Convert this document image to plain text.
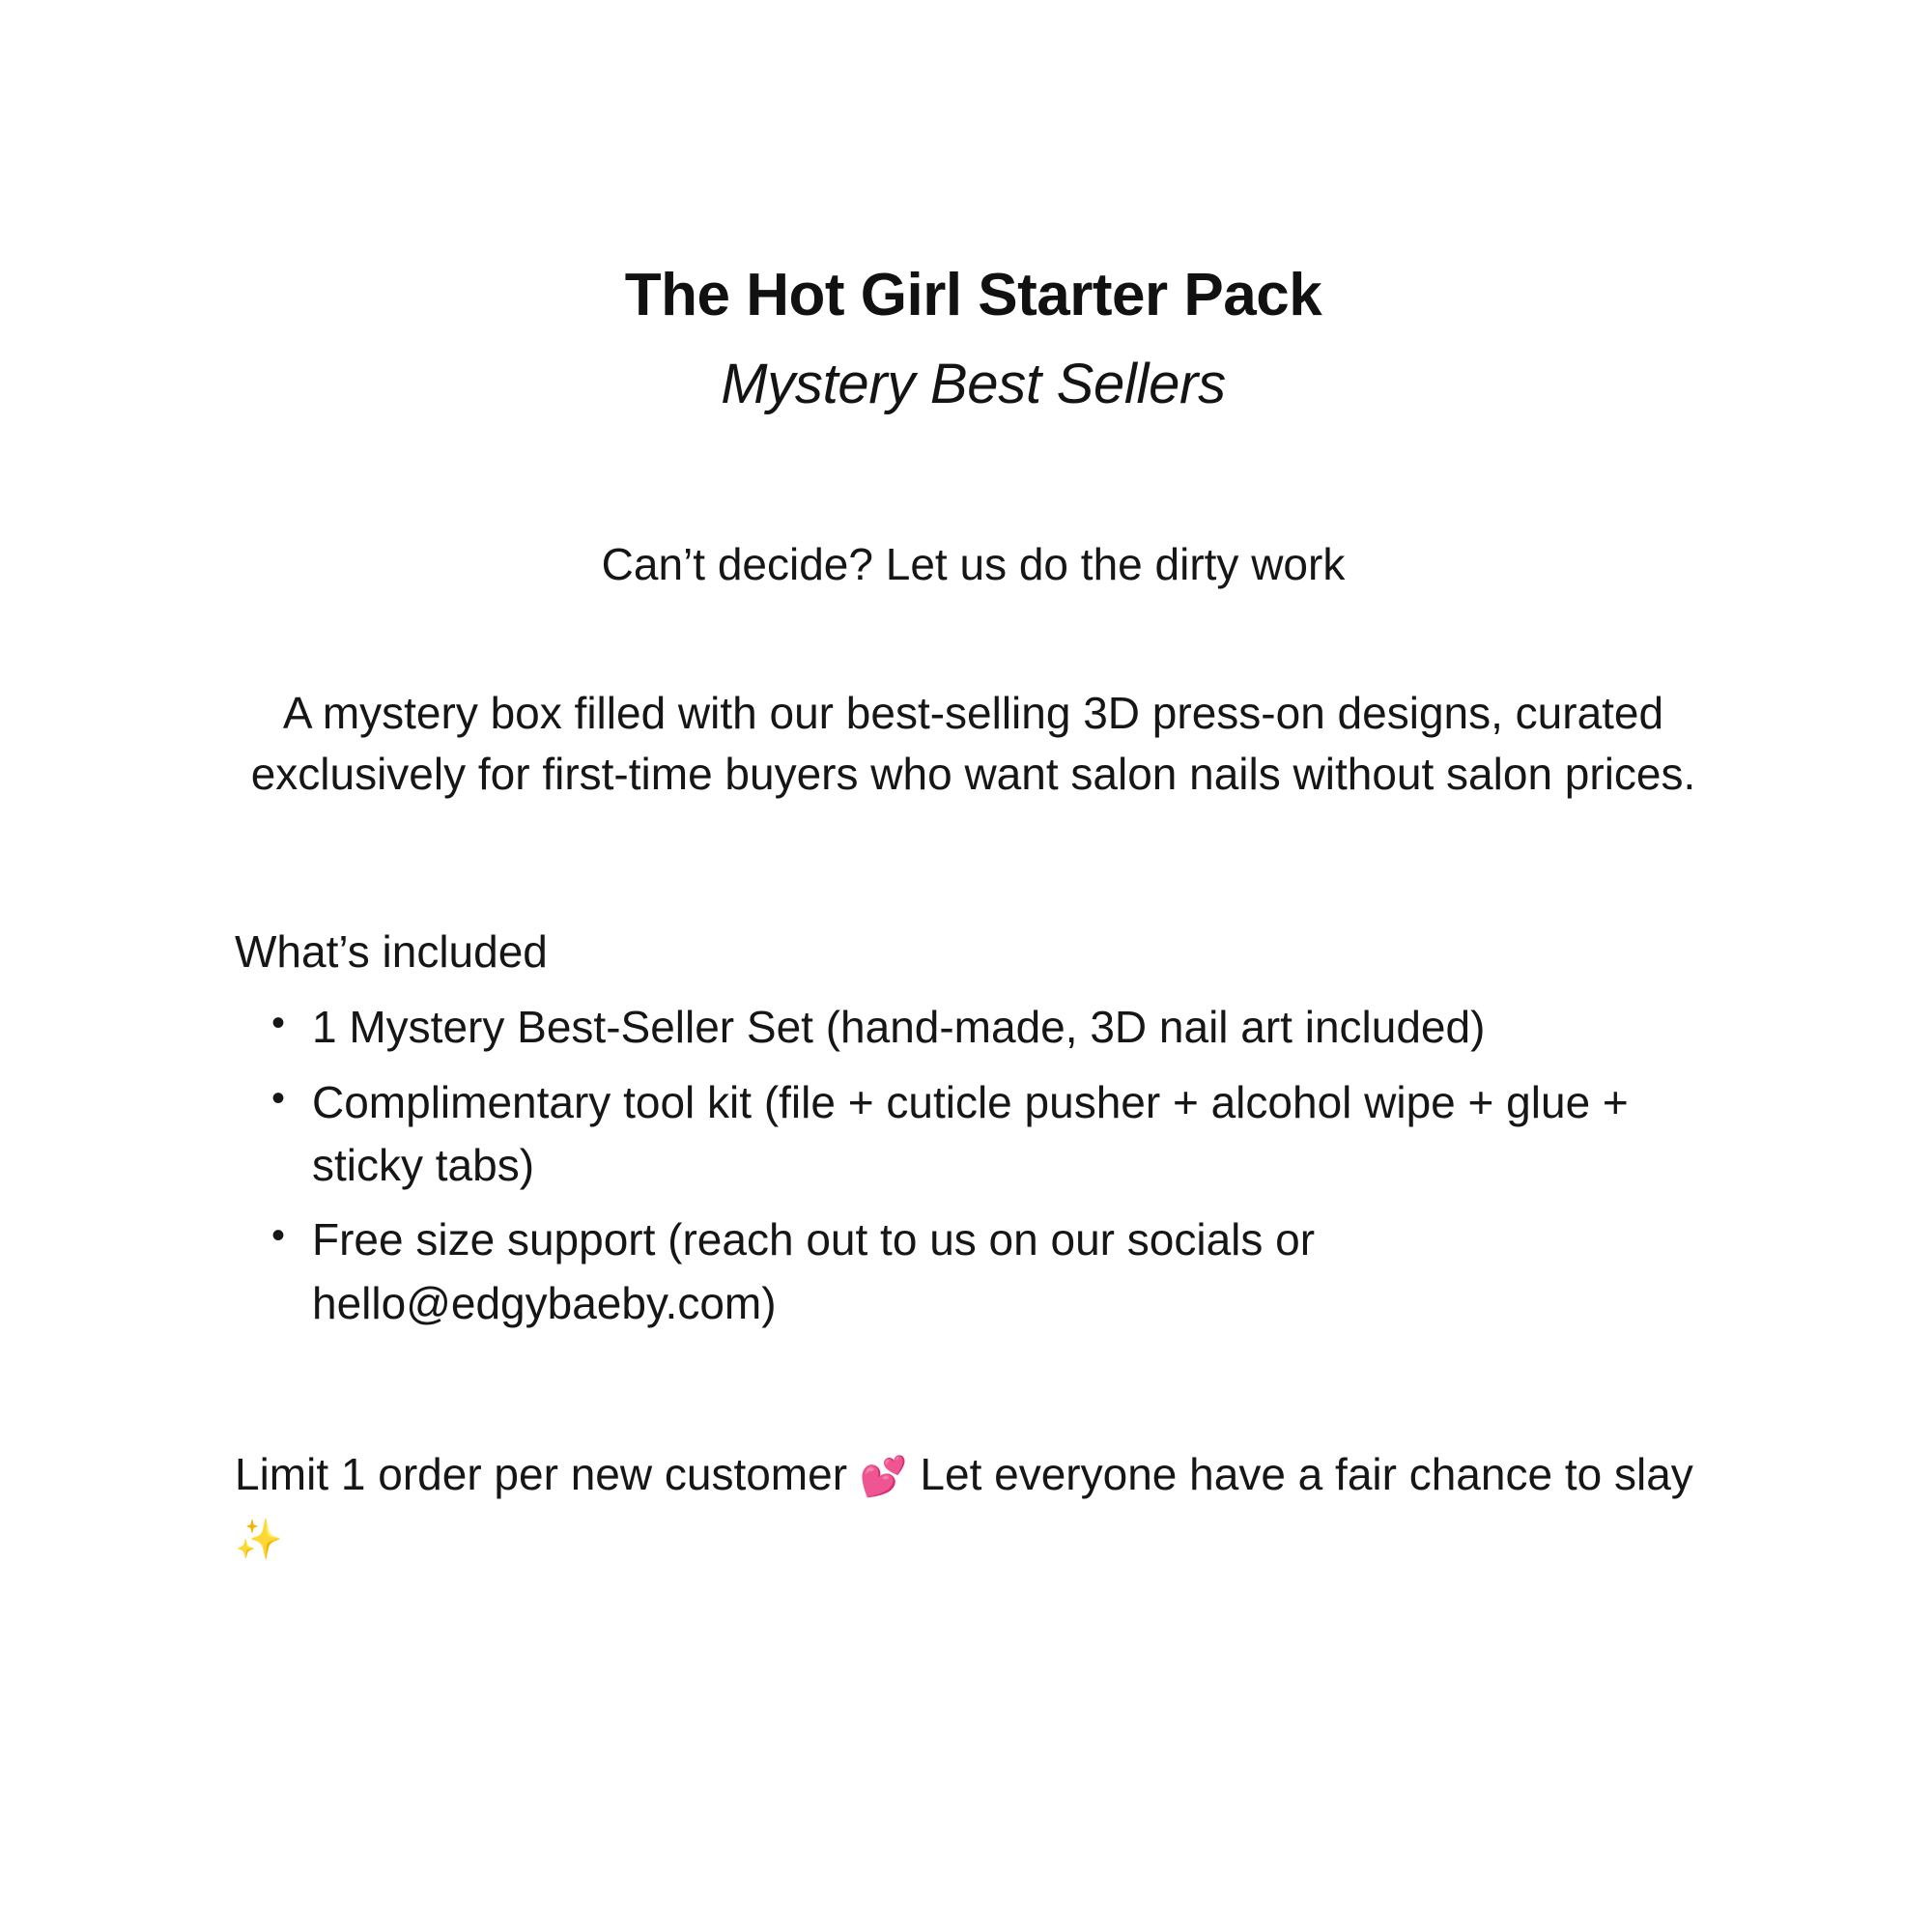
The Hot Girl Starter Pack
Mystery Best Sellers

Can’t decide? Let us do the dirty work

A mystery box filled with our best-selling 3D press-on designs, curated exclusively for first-time buyers who want salon nails without salon prices.

What’s included

• 1 Mystery Best-Seller Set (hand-made, 3D nail art included)
• Complimentary tool kit (file + cuticle pusher + alcohol wipe + glue + sticky tabs)
• Free size support (reach out to us on our socials or hello@edgybaeby.com)

Limit 1 order per new customer 💕 Let everyone have a fair chance to slay ✨
